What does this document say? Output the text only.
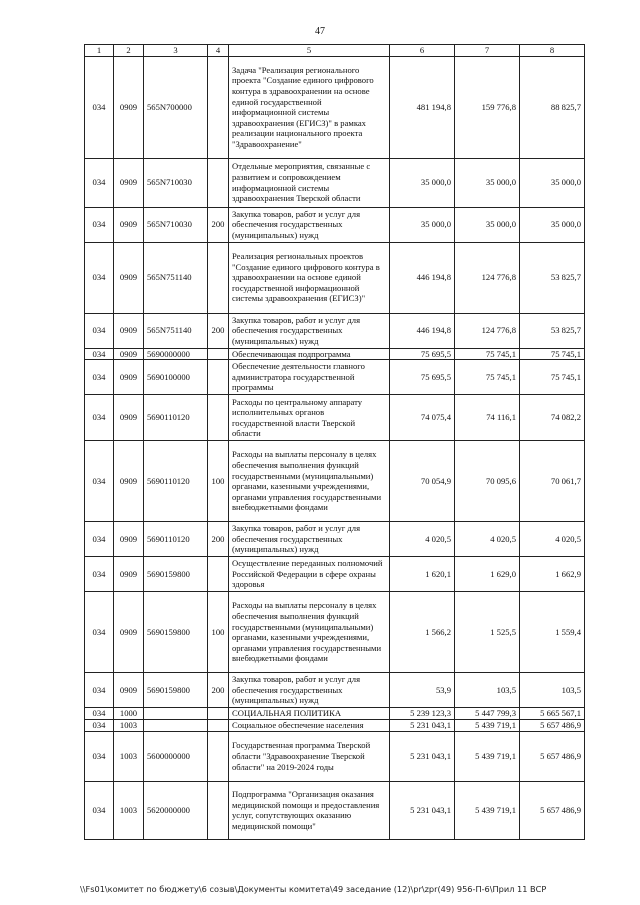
47
1	2	3	4	5	6	7	8
034	0909	565N700000		Задача "Реализация регионального проекта "Создание единого цифрового контура в здравоохранении на основе единой государственной информационной системы здравоохранения (ЕГИСЗ)" в рамках реализации национального проекта "Здравоохранение"	481 194,8	159 776,8	88 825,7
034	0909	565N710030		Отдельные мероприятия, связанные с развитием и сопровождением информационной системы здравоохранения Тверской области	35 000,0	35 000,0	35 000,0
034	0909	565N710030	200	Закупка товаров, работ и услуг для обеспечения государственных (муниципальных) нужд	35 000,0	35 000,0	35 000,0
034	0909	565N751140		Реализация региональных проектов "Создание единого цифрового контура в здравоохранении на основе единой государственной информационной системы здравоохранения (ЕГИСЗ)"	446 194,8	124 776,8	53 825,7
034	0909	565N751140	200	Закупка товаров, работ и услуг для обеспечения государственных (муниципальных) нужд	446 194,8	124 776,8	53 825,7
034	0909	5690000000		Обеспечивающая подпрограмма	75 695,5	75 745,1	75 745,1
034	0909	5690100000		Обеспечение деятельности главного администратора государственной программы	75 695,5	75 745,1	75 745,1
034	0909	5690110120		Расходы по центральному аппарату исполнительных органов государственной власти Тверской области	74 075,4	74 116,1	74 082,2
034	0909	5690110120	100	Расходы на выплаты персоналу в целях обеспечения выполнения функций государственными (муниципальными) органами, казенными учреждениями, органами управления государственными внебюджетными фондами	70 054,9	70 095,6	70 061,7
034	0909	5690110120	200	Закупка товаров, работ и услуг для обеспечения государственных (муниципальных) нужд	4 020,5	4 020,5	4 020,5
034	0909	5690159800		Осуществление переданных полномочий Российской Федерации в сфере охраны здоровья	1 620,1	1 629,0	1 662,9
034	0909	5690159800	100	Расходы на выплаты персоналу в целях обеспечения выполнения функций государственными (муниципальными) органами, казенными учреждениями, органами управления государственными внебюджетными фондами	1 566,2	1 525,5	1 559,4
034	0909	5690159800	200	Закупка товаров, работ и услуг для обеспечения государственных (муниципальных) нужд	53,9	103,5	103,5
034	1000			СОЦИАЛЬНАЯ ПОЛИТИКА	5 239 123,3	5 447 799,3	5 665 567,1
034	1003			Социальное обеспечение населения	5 231 043,1	5 439 719,1	5 657 486,9
034	1003	5600000000		Государственная программа Тверской области "Здравоохранение Тверской области" на 2019-2024 годы	5 231 043,1	5 439 719,1	5 657 486,9
034	1003	5620000000		Подпрограмма "Организация оказания медицинской помощи и предоставления услуг, сопутствующих оказанию медицинской помощи"	5 231 043,1	5 439 719,1	5 657 486,9
\\Fs01\комитет по бюджету\6 созыв\Документы комитета\49 заседание (12)\pr\zpr(49) 956-П-6\Прил 11 ВСР
